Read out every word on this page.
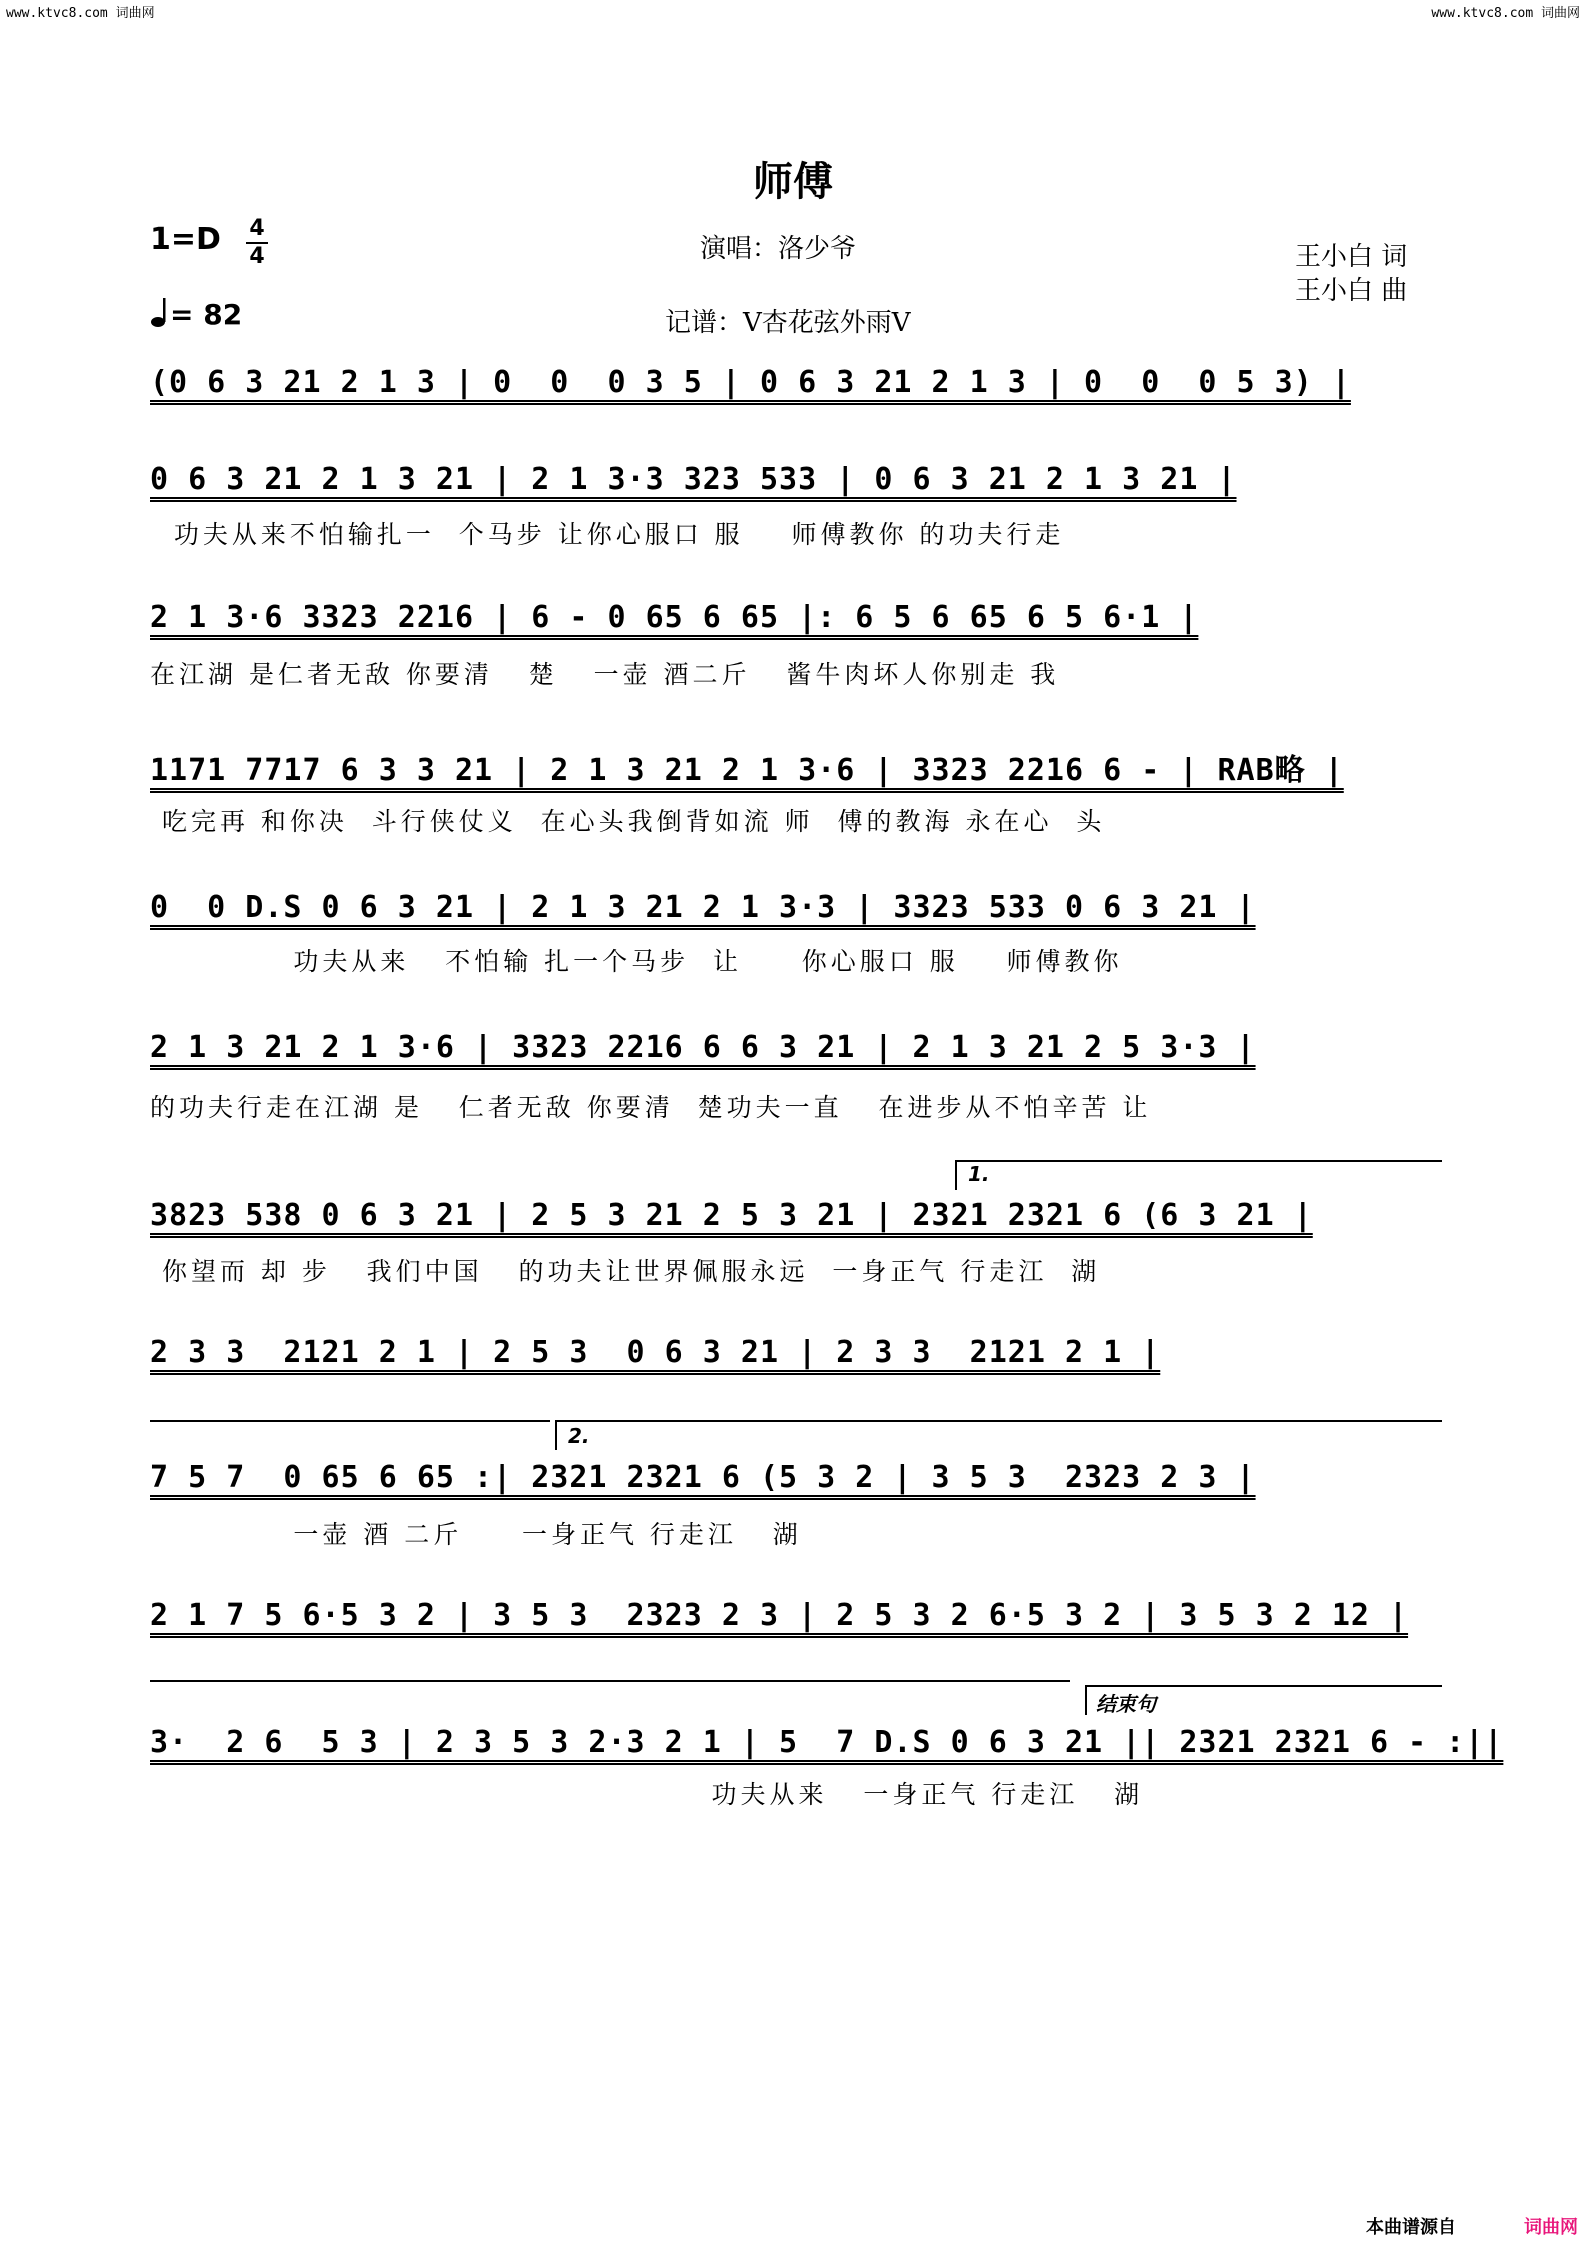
www.ktvc8.com 词曲网	www.ktvc8.com 词曲网
师傅
1=D 4
4
= 82
演唱：洛少爷
记谱：V杏花弦外雨V
王小白 词
王小白 曲
(0 6 3 21 2 1 3 | 0  0  0 3 5 | 0 6 3 21 2 1 3 | 0  0  0 5 3) |
0 6 3 21 2 1 3 21 | 2 1 3·3 323 533 | 0 6 3 21 2 1 3 21 |
功夫从来不怕输扎一  个马步 让你心服口 服    师傅教你 的功夫行走
2 1 3·6 3323 2216 | 6 - 0 65 6 65 |: 6 5 6 65 6 5 6·1 |
在江湖 是仁者无敌 你要清   楚   一壶 酒二斤   酱牛肉坏人你别走 我
1171 7717 6 3 3 21 | 2 1 3 21 2 1 3·6 | 3323 2216 6 - | RAB略 |
吃完再 和你决  斗行侠仗义  在心头我倒背如流 师  傅的教海 永在心  头
0  0 D.S 0 6 3 21 | 2 1 3 21 2 1 3·3 | 3323 533 0 6 3 21 |
功夫从来   不怕输 扎一个马步  让     你心服口 服    师傅教你
2 1 3 21 2 1 3·6 | 3323 2216 6 6 3 21 | 2 1 3 21 2 5 3·3 |
的功夫行走在江湖 是   仁者无敌 你要清  楚功夫一直   在进步从不怕辛苦 让
1.
3823 538 0 6 3 21 | 2 5 3 21 2 5 3 21 | 2321 2321 6 (6 3 21 |
你望而 却 步   我们中国   的功夫让世界佩服永远  一身正气 行走江  湖
2 3 3  2121 2 1 | 2 5 3  0 6 3 21 | 2 3 3  2121 2 1 |
2.
7 5 7  0 65 6 65 :| 2321 2321 6 (5 3 2 | 3 5 3  2323 2 3 |
一壶 酒 二斤     一身正气 行走江   湖
2 1 7 5 6·5 3 2 | 3 5 3  2323 2 3 | 2 5 3 2 6·5 3 2 | 3 5 3 2 12 |
结束句
3·  2 6  5 3 | 2 3 5 3 2·3 2 1 | 5  7 D.S 0 6 3 21 || 2321 2321 6 - :||
功夫从来   一身正气 行走江   湖
本曲谱源自	词曲网
